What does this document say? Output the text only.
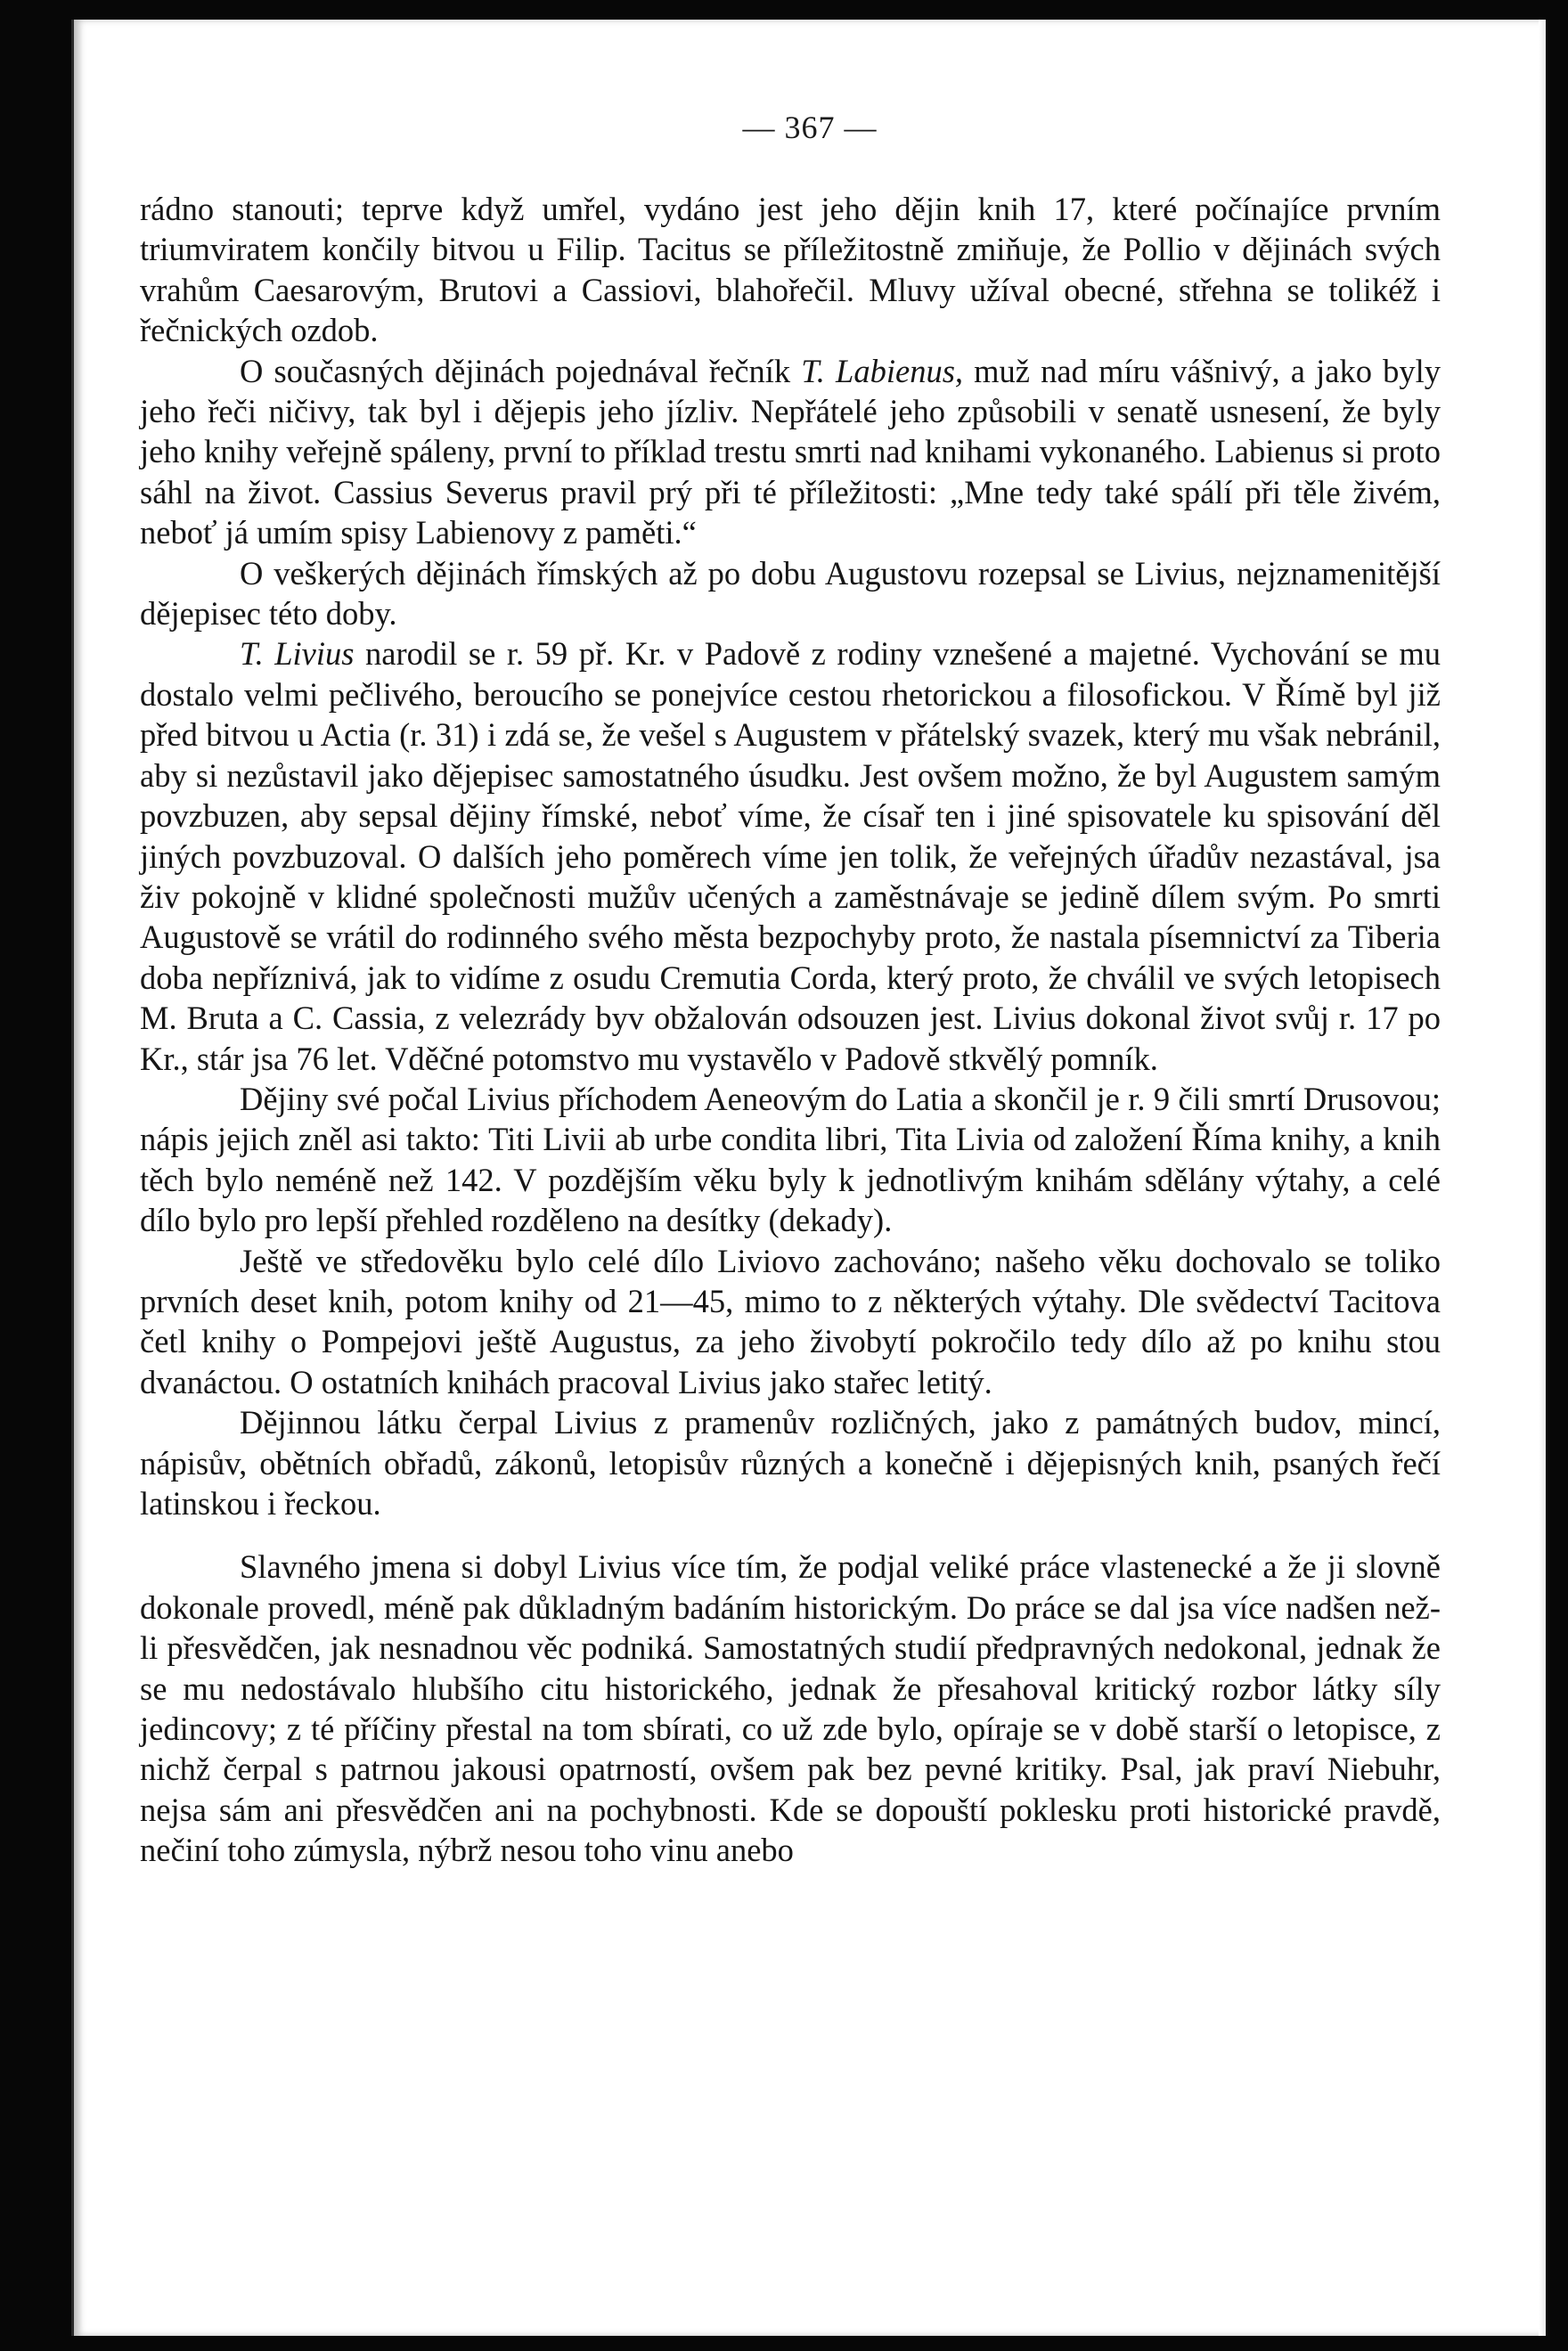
— 367 —

rádno stanouti; teprve když umřel, vydáno jest jeho dějin knih 17, které počínajíce prvním triumviratem končily bitvou u Filip. Tacitus se příležitostně zmiňuje, že Pollio v dějinách svých vrahům Caesarovým, Brutovi a Cassiovi, blahořečil. Mluvy užíval obecné, střehna se tolikéž i řečnických ozdob.

O současných dějinách pojednával řečník T. Labienus, muž nad míru vášnivý, a jako byly jeho řeči ničivy, tak byl i dějepis jeho jízliv. Nepřátelé jeho způsobili v senatě usnesení, že byly jeho knihy veřejně spáleny, první to příklad trestu smrti nad knihami vykonaného. Labienus si proto sáhl na život. Cassius Severus pravil prý při té příležitosti: „Mne tedy také spálí při těle živém, neboť já umím spisy Labienovy z paměti.“

O veškerých dějinách římských až po dobu Augustovu rozepsal se Livius, nejznamenitější dějepisec této doby.

T. Livius narodil se r. 59 př. Kr. v Padově z rodiny vznešené a majetné. Vychování se mu dostalo velmi pečlivého, beroucího se ponejvíce cestou rhetorickou a filosofickou. V Římě byl již před bitvou u Actia (r. 31) i zdá se, že vešel s Augustem v přátelský svazek, který mu však nebránil, aby si nezůstavil jako dějepisec samostatného úsudku. Jest ovšem možno, že byl Augustem samým povzbuzen, aby sepsal dějiny římské, neboť víme, že císař ten i jiné spisovatele ku spisování děl jiných povzbuzoval. O dalších jeho poměrech víme jen tolik, že veřejných úřadův nezastával, jsa živ pokojně v klidné společnosti mužův učených a zaměstnávaje se jedině dílem svým. Po smrti Augustově se vrátil do rodinného svého města bezpochyby proto, že nastala písemnictví za Tiberia doba nepříznivá, jak to vidíme z osudu Cremutia Corda, který proto, že chválil ve svých letopisech M. Bruta a C. Cassia, z velezrády byv obžalován odsouzen jest. Livius dokonal život svůj r. 17 po Kr., stár jsa 76 let. Vděčné potomstvo mu vystavělo v Padově stkvělý pomník.

Dějiny své počal Livius příchodem Aeneovým do Latia a skončil je r. 9 čili smrtí Drusovou; nápis jejich zněl asi takto: Titi Livii ab urbe condita libri, Tita Livia od založení Říma knihy, a knih těch bylo neméně než 142. V pozdějším věku byly k jednotlivým knihám sdělány výtahy, a celé dílo bylo pro lepší přehled rozděleno na desítky (dekady).

Ještě ve středověku bylo celé dílo Liviovo zachováno; našeho věku dochovalo se toliko prvních deset knih, potom knihy od 21—45, mimo to z některých výtahy. Dle svědectví Tacitova četl knihy o Pompejovi ještě Augustus, za jeho živobytí pokročilo tedy dílo až po knihu stou dvanáctou. O ostatních knihách pracoval Livius jako stařec letitý.

Dějinnou látku čerpal Livius z pramenův rozličných, jako z památných budov, mincí, nápisův, obětních obřadů, zákonů, letopisův různých a konečně i dějepisných knih, psaných řečí latinskou i řeckou.

Slavného jmena si dobyl Livius více tím, že podjal veliké práce vlastenecké a že ji slovně dokonale provedl, méně pak důkladným badáním historickým. Do práce se dal jsa více nadšen než-li přesvědčen, jak nesnadnou věc podniká. Samostatných studií předpravných nedokonal, jednak že se mu nedostávalo hlubšího citu historického, jednak že přesahoval kritický rozbor látky síly jedincovy; z té příčiny přestal na tom sbírati, co už zde bylo, opíraje se v době starší o letopisce, z nichž čerpal s patrnou jakousi opatrností, ovšem pak bez pevné kritiky. Psal, jak praví Niebuhr, nejsa sám ani přesvědčen ani na pochybnosti. Kde se dopouští poklesku proti historické pravdě, nečiní toho zúmysla, nýbrž nesou toho vinu anebo
